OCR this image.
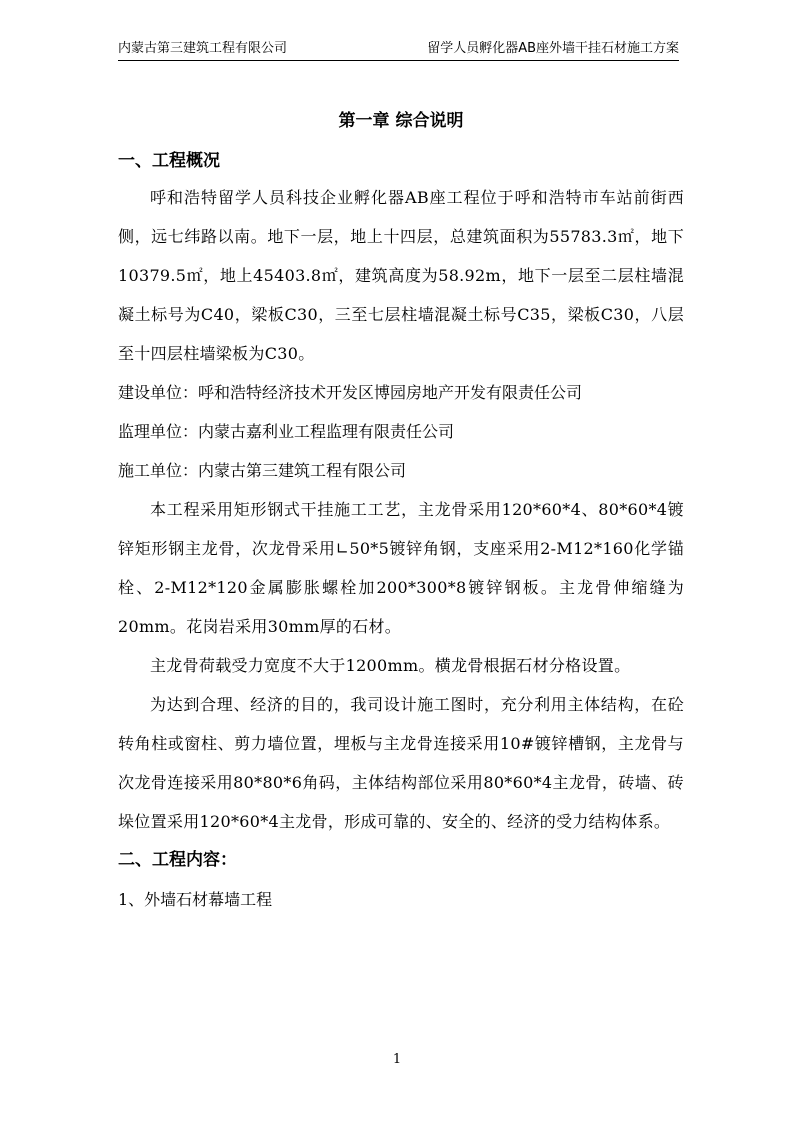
内蒙古第三建筑工程有限公司	留学人员孵化器AB座外墙干挂石材施工方案
第一章 综合说明
一、工程概况

呼和浩特留学人员科技企业孵化器AB座工程位于呼和浩特市车站前街西侧，远七纬路以南。地下一层，地上十四层，总建筑面积为55783.3㎡，地下10379.5㎡，地上45403.8㎡，建筑高度为58.92m，地下一层至二层柱墙混凝土标号为C40，梁板C30，三至七层柱墙混凝土标号C35，梁板C30，八层至十四层柱墙梁板为C30。

建设单位：呼和浩特经济技术开发区博园房地产开发有限责任公司

监理单位：内蒙古嘉利业工程监理有限责任公司

施工单位：内蒙古第三建筑工程有限公司

本工程采用矩形钢式干挂施工工艺，主龙骨采用120*60*4、80*60*4镀锌矩形钢主龙骨，次龙骨采用∟50*5镀锌角钢，支座采用2-M12*160化学锚栓、2-M12*120金属膨胀螺栓加200*300*8镀锌钢板。主龙骨伸缩缝为20mm。花岗岩采用30mm厚的石材。

主龙骨荷载受力宽度不大于1200mm。横龙骨根据石材分格设置。

为达到合理、经济的目的，我司设计施工图时，充分利用主体结构，在砼转角柱或窗柱、剪力墙位置，埋板与主龙骨连接采用10#镀锌槽钢，主龙骨与次龙骨连接采用80*80*6角码，主体结构部位采用80*60*4主龙骨，砖墙、砖垛位置采用120*60*4主龙骨，形成可靠的、安全的、经济的受力结构体系。

二、工程内容：

1、外墙石材幕墙工程

1
